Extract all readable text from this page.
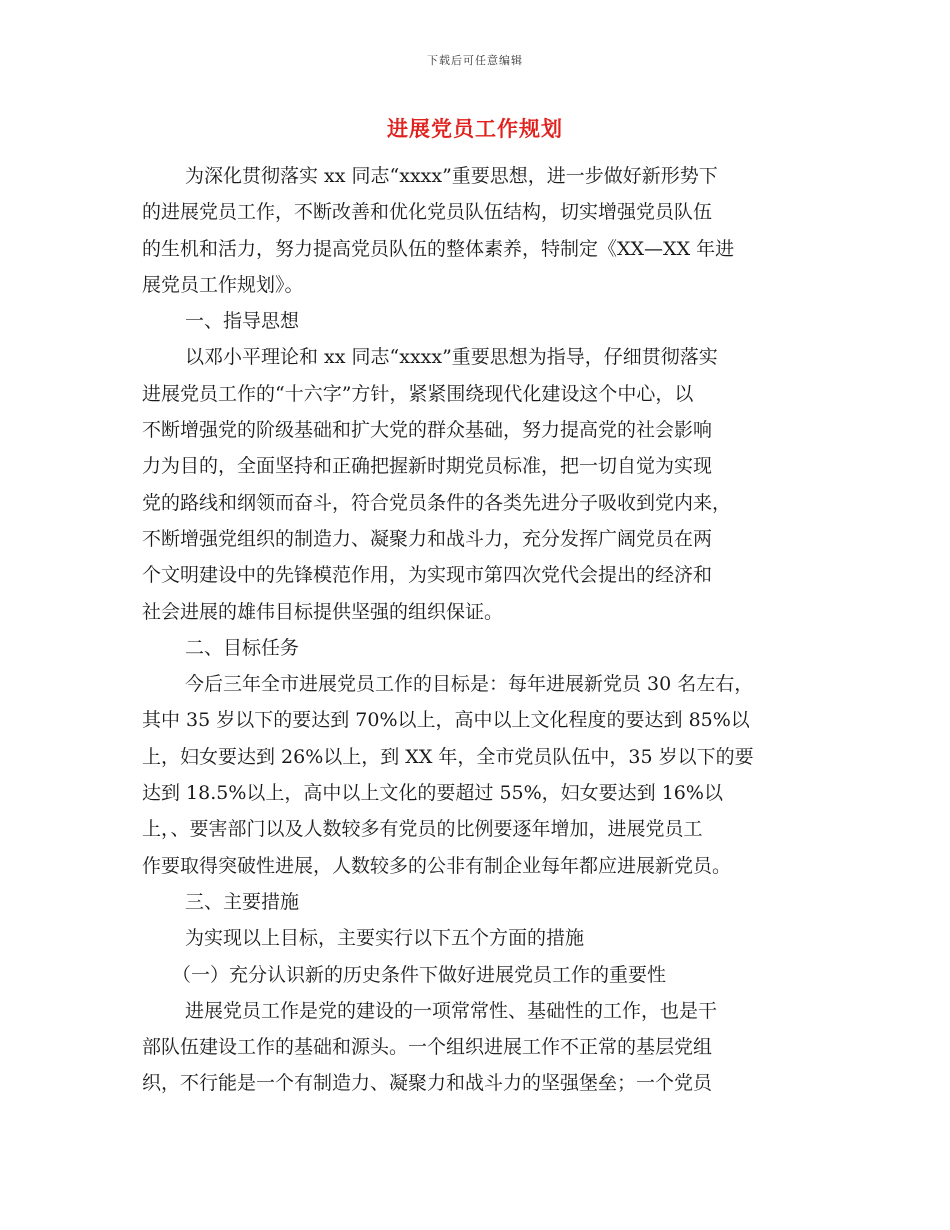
下载后可任意编辑
进展党员工作规划
为深化贯彻落实 xx 同志“xxxx”重要思想，进一步做好新形势下
的进展党员工作，不断改善和优化党员队伍结构，切实增强党员队伍
的生机和活力，努力提高党员队伍的整体素养，特制定《XX—XX 年进
展党员工作规划》。
一、指导思想
以邓小平理论和 xx 同志“xxxx”重要思想为指导，仔细贯彻落实
进展党员工作的“十六字”方针，紧紧围绕现代化建设这个中心，以
不断增强党的阶级基础和扩大党的群众基础，努力提高党的社会影响
力为目的，全面坚持和正确把握新时期党员标准，把一切自觉为实现
党的路线和纲领而奋斗，符合党员条件的各类先进分子吸收到党内来，
不断增强党组织的制造力、凝聚力和战斗力，充分发挥广阔党员在两
个文明建设中的先锋模范作用，为实现市第四次党代会提出的经济和
社会进展的雄伟目标提供坚强的组织保证。
二、目标任务
今后三年全市进展党员工作的目标是：每年进展新党员 30 名左右，
其中 35 岁以下的要达到 70%以上，高中以上文化程度的要达到 85%以
上，妇女要达到 26%以上，到 XX 年，全市党员队伍中，35 岁以下的要
达到 18.5%以上，高中以上文化的要超过 55%，妇女要达到 16%以
上，、要害部门以及人数较多有党员的比例要逐年增加，进展党员工
作要取得突破性进展，人数较多的公非有制企业每年都应进展新党员。
三、主要措施
为实现以上目标，主要实行以下五个方面的措施
（一）充分认识新的历史条件下做好进展党员工作的重要性
进展党员工作是党的建设的一项常常性、基础性的工作，也是干
部队伍建设工作的基础和源头。一个组织进展工作不正常的基层党组
织，不行能是一个有制造力、凝聚力和战斗力的坚强堡垒；一个党员
